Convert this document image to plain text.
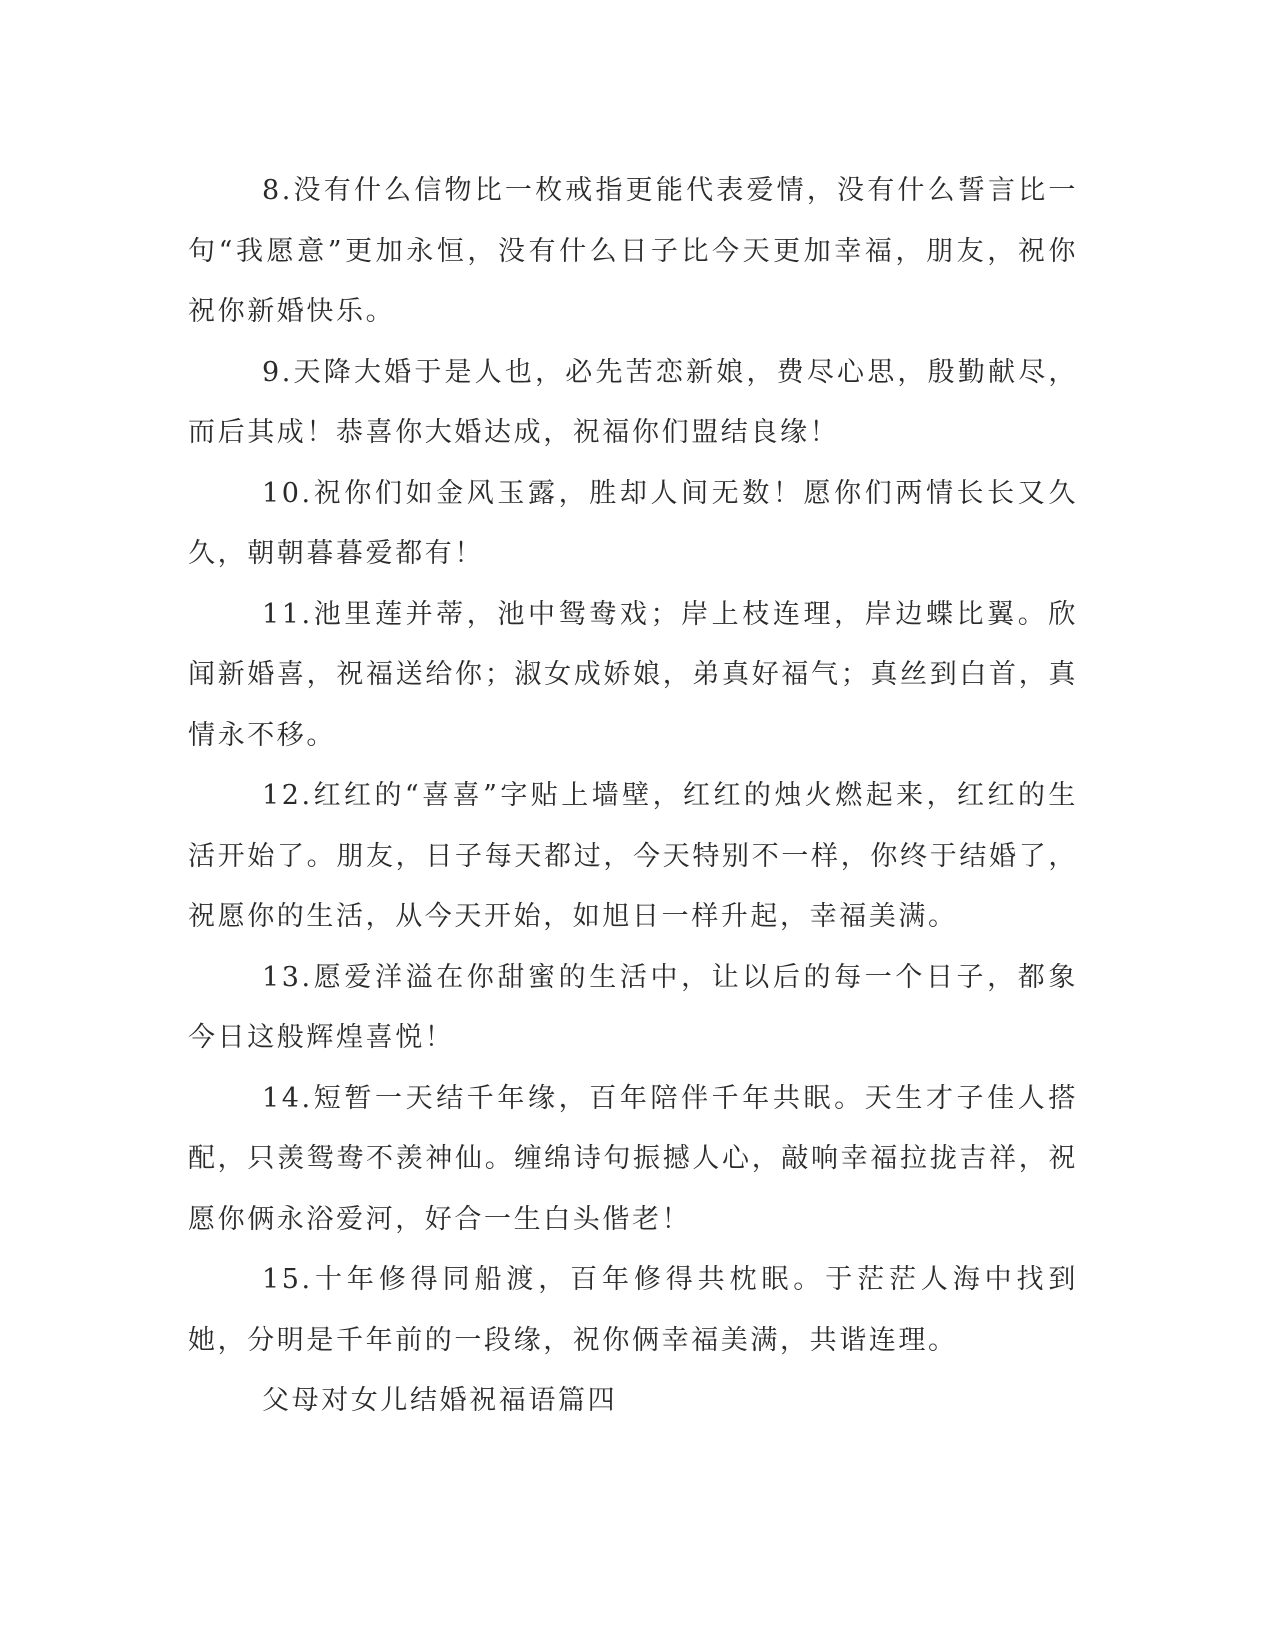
8.没有什么信物比一枚戒指更能代表爱情，没有什么誓言比一句“我愿意”更加永恒，没有什么日子比今天更加幸福，朋友，祝你祝你新婚快乐。

9.天降大婚于是人也，必先苦恋新娘，费尽心思，殷勤献尽，而后其成！恭喜你大婚达成，祝福你们盟结良缘！

10.祝你们如金风玉露，胜却人间无数！愿你们两情长长又久久，朝朝暮暮爱都有！

11.池里莲并蒂，池中鸳鸯戏；岸上枝连理，岸边蝶比翼。欣闻新婚喜，祝福送给你；淑女成娇娘，弟真好福气；真丝到白首，真情永不移。

12.红红的“喜喜”字贴上墙壁，红红的烛火燃起来，红红的生活开始了。朋友，日子每天都过，今天特别不一样，你终于结婚了，祝愿你的生活，从今天开始，如旭日一样升起，幸福美满。

13.愿爱洋溢在你甜蜜的生活中，让以后的每一个日子，都象今日这般辉煌喜悦！

14.短暂一天结千年缘，百年陪伴千年共眠。天生才子佳人搭配，只羡鸳鸯不羡神仙。缠绵诗句振撼人心，敲响幸福拉拢吉祥，祝愿你俩永浴爱河，好合一生白头偕老！

15.十年修得同船渡，百年修得共枕眠。于茫茫人海中找到她，分明是千年前的一段缘，祝你俩幸福美满，共谐连理。

父母对女儿结婚祝福语篇四
